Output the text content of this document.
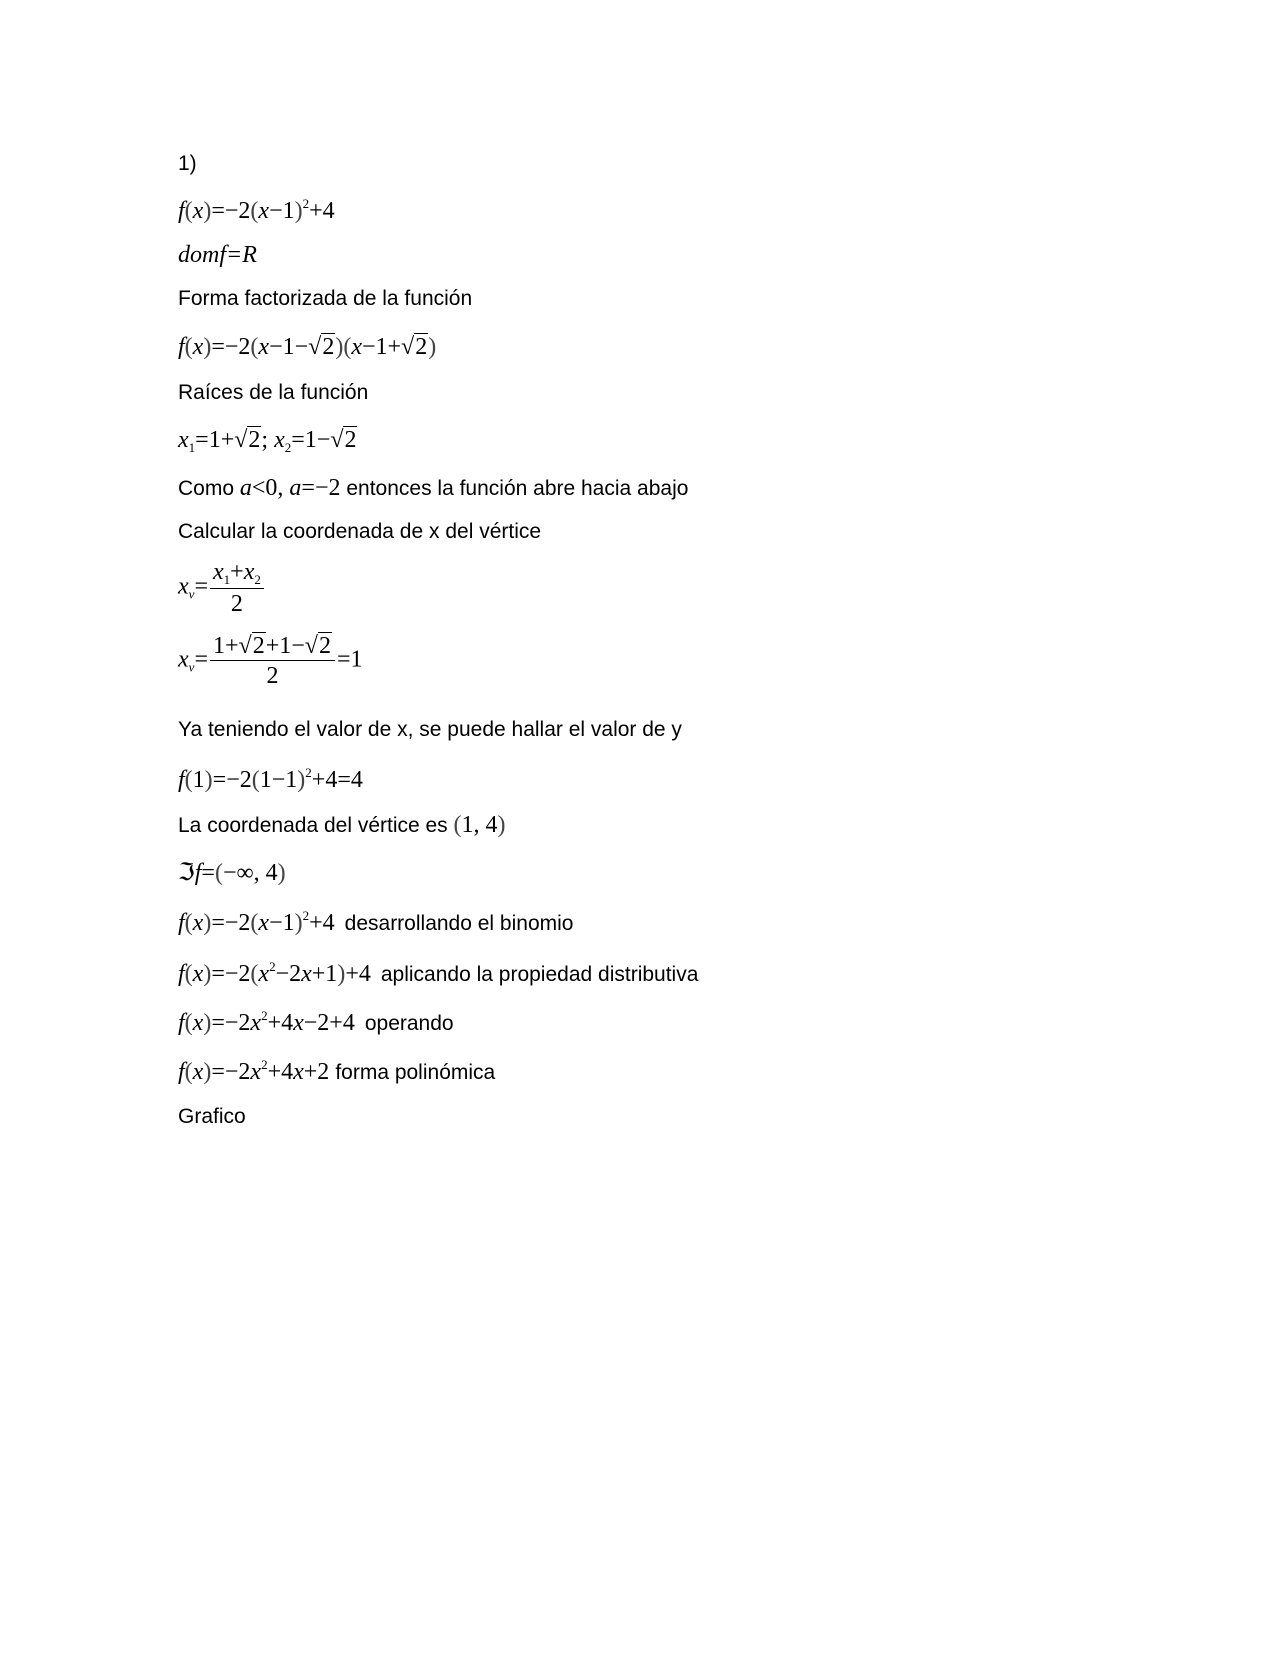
1)
$f(x)=-2(x-1)^2+4$
domf=R
Forma factorizada de la función
f(x)=−2(x−1−√2)(x−1+√2)
Raíces de la función
$x_1=1+√2$; $x_2=1-√2$
Como a<0, a=−2 entonces la función abre hacia abajo
Calcular la coordenada de x del vértice
$x_v= \frac{x_1+x_2}{2}$
$x_v= \frac{1+√2+1-√2}{2} =1$
Ya teniendo el valor de x, se puede hallar el valor de y
$f(1)=-2(1-1)^2+4=4$
La coordenada del vértice es (1, 4)
ℑf=(−∞, 4)
$f(x)=-2(x-1)^2+4$ desarrollando el binomio
$f(x)=-2(x^2-2x+1)+4$ aplicando la propiedad distributiva
$f(x)=-2x^2+4x-2+4$ operando
$f(x)=-2x^2+4x+2$ forma polinómica
Grafico
